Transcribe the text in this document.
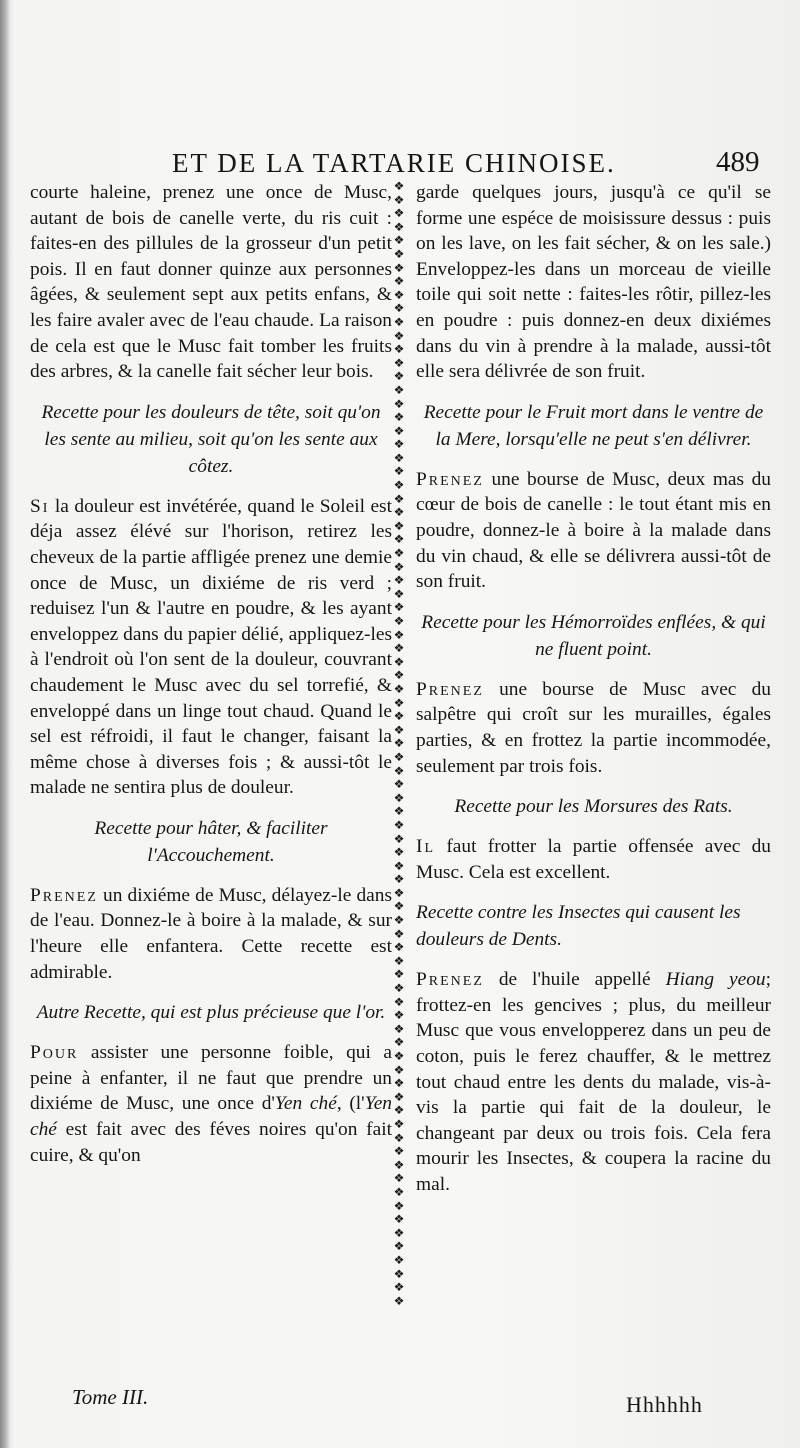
ET DE LA TARTARIE CHINOISE.	489

courte haleine, prenez une once de Musc, autant de bois de canelle verte, du ris cuit : faites-en des pillules de la grosseur d'un petit pois. Il en faut donner quinze aux personnes âgées, & seulement sept aux petits enfans, & les faire avaler avec de l'eau chaude. La raison de cela est que le Musc fait tomber les fruits des arbres, & la canelle fait sécher leur bois.

Recette pour les douleurs de tête, soit qu'on les sente au milieu, soit qu'on les sente aux côtez.

Si la douleur est invétérée, quand le Soleil est déja assez élévé sur l'horison, retirez les cheveux de la partie affligée prenez une demie once de Musc, un dixiéme de ris verd ; reduisez l'un & l'autre en poudre, & les ayant enveloppez dans du papier délié, appliquez-les à l'endroit où l'on sent de la douleur, couvrant chaudement le Musc avec du sel torrefié, & enveloppé dans un linge tout chaud. Quand le sel est réfroidi, il faut le changer, faisant la même chose à diverses fois ; & aussi-tôt le malade ne sentira plus de douleur.

Recette pour hâter, & faciliter l'Accouchement.

Prenez un dixiéme de Musc, délayez-le dans de l'eau. Donnez-le à boire à la malade, & sur l'heure elle enfantera. Cette recette est admirable.

Autre Recette, qui est plus précieuse que l'or.

Pour assister une personne foible, qui a peine à enfanter, il ne faut que prendre un dixiéme de Musc, une once d'Yen ché, (l'Yen ché est fait avec des féves noires qu'on fait cuire, & qu'on

❖
❖
❖
❖
❖
❖
❖
❖
❖
❖
❖
❖
❖
❖
❖
❖
❖
❖
❖
❖
❖
❖
❖
❖
❖
❖
❖
❖
❖
❖
❖
❖
❖
❖
❖
❖
❖
❖
❖
❖
❖
❖
❖
❖
❖
❖
❖
❖
❖
❖
❖
❖
❖
❖
❖
❖
❖
❖
❖
❖
❖
❖
❖
❖
❖
❖
❖
❖
❖
❖
❖
❖
❖
❖
❖
❖
❖
❖
❖
❖
❖
❖
❖

garde quelques jours, jusqu'à ce qu'il se forme une espéce de moisissure dessus : puis on les lave, on les fait sécher, & on les sale.) Enveloppez-les dans un morceau de vieille toile qui soit nette : faites-les rôtir, pillez-les en poudre : puis donnez-en deux dixiémes dans du vin à prendre à la malade, aussi-tôt elle sera délivrée de son fruit.

Recette pour le Fruit mort dans le ventre de la Mere, lorsqu'elle ne peut s'en délivrer.

Prenez une bourse de Musc, deux mas du cœur de bois de canelle : le tout étant mis en poudre, donnez-le à boire à la malade dans du vin chaud, & elle se délivrera aussi-tôt de son fruit.

Recette pour les Hémorroïdes enflées, & qui ne fluent point.

Prenez une bourse de Musc avec du salpêtre qui croît sur les murailles, égales parties, & en frottez la partie incommodée, seulement par trois fois.

Recette pour les Morsures des Rats.

Il faut frotter la partie offensée avec du Musc. Cela est excellent.

Recette contre les Insectes qui causent les douleurs de Dents.

Prenez de l'huile appellé Hiang yeou; frottez-en les gencives ; plus, du meilleur Musc que vous envelopperez dans un peu de coton, puis le ferez chauffer, & le mettrez tout chaud entre les dents du malade, vis-à-vis la partie qui fait de la douleur, le changeant par deux ou trois fois. Cela fera mourir les Insectes, & coupera la racine du mal.

Tome III.	Hhhhhh
